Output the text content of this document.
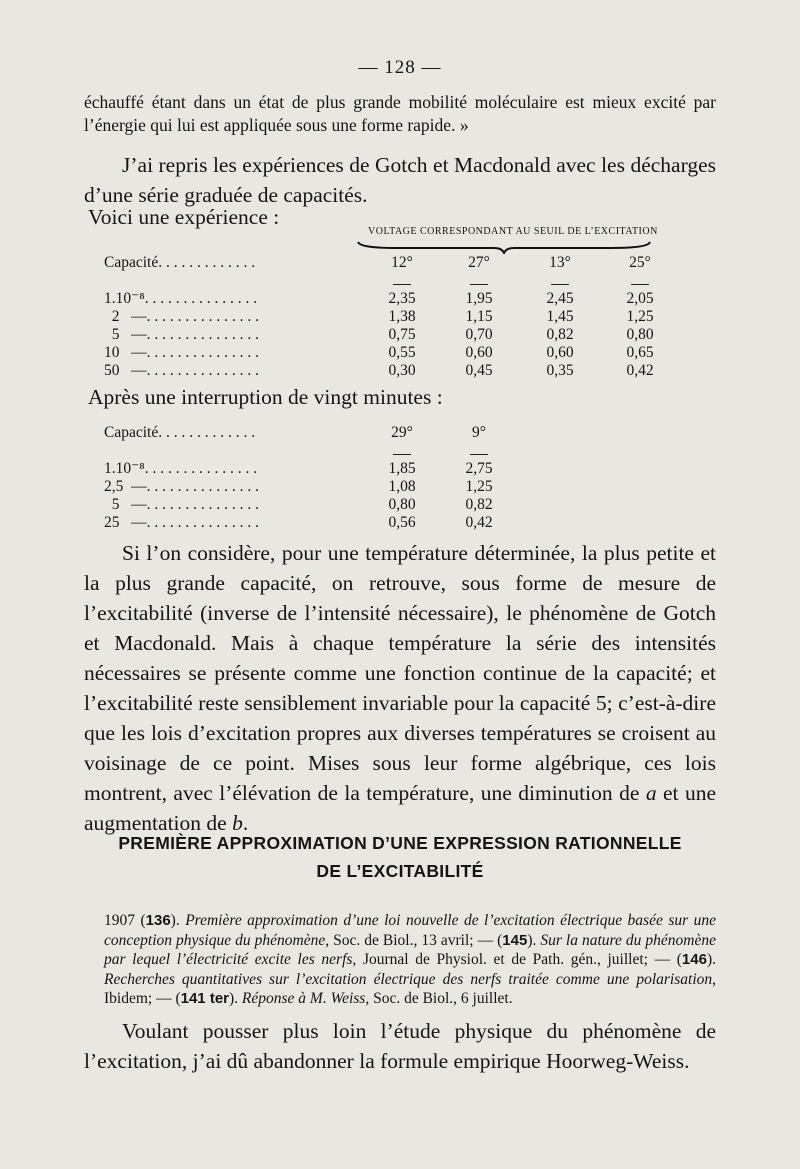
— 128 —

échauffé étant dans un état de plus grande mobilité moléculaire est mieux excité par l’énergie qui lui est appliquée sous une forme rapide. »

J’ai repris les expériences de Gotch et Macdonald avec les décharges d’une série graduée de capacités.

Voici une expérience :

VOLTAGE CORRESPONDANT AU SEUIL DE L’EXCITATION
Capacité. . . . . . . . . . . . .	12°	27°	13°	25°

1.10⁻⁸. . . . . . . . . . . . . . .	2,35	1,95	2,45	2,05
2   —. . . . . . . . . . . . . . .	1,38	1,15	1,45	1,25
5   —. . . . . . . . . . . . . . .	0,75	0,70	0,82	0,80
10   —. . . . . . . . . . . . . . .	0,55	0,60	0,60	0,65
50   —. . . . . . . . . . . . . . .	0,30	0,45	0,35	0,42

Après une interruption de vingt minutes :

Capacité. . . . . . . . . . . . .	29°	9°

1.10⁻⁸. . . . . . . . . . . . . . .	1,85	2,75
2,5  —. . . . . . . . . . . . . . .	1,08	1,25
5   —. . . . . . . . . . . . . . .	0,80	0,82
25   —. . . . . . . . . . . . . . .	0,56	0,42

Si l’on considère, pour une température déterminée, la plus petite et la plus grande capacité, on retrouve, sous forme de mesure de l’excitabilité (inverse de l’intensité nécessaire), le phénomène de Gotch et Macdonald. Mais à chaque température la série des intensités nécessaires se présente comme une fonction continue de la capacité; et l’excitabilité reste sensiblement invariable pour la capacité 5; c’est-à-dire que les lois d’excitation propres aux diverses températures se croisent au voisinage de ce point. Mises sous leur forme algébrique, ces lois montrent, avec l’élévation de la température, une diminution de a et une augmentation de b.

PREMIÈRE APPROXIMATION D’UNE EXPRESSION RATIONNELLE
DE L’EXCITABILITÉ

1907 (136). Première approximation d’une loi nouvelle de l’excitation électrique basée sur une conception physique du phénomène, Soc. de Biol., 13 avril; — (145). Sur la nature du phénomène par lequel l’électricité excite les nerfs, Journal de Physiol. et de Path. gén., juillet; — (146). Recherches quantitatives sur l’excitation électrique des nerfs traitée comme une polarisation, Ibidem; — (141 ter). Réponse à M. Weiss, Soc. de Biol., 6 juillet.

Voulant pousser plus loin l’étude physique du phénomène de l’excitation, j’ai dû abandonner la formule empirique Hoorweg-Weiss.
